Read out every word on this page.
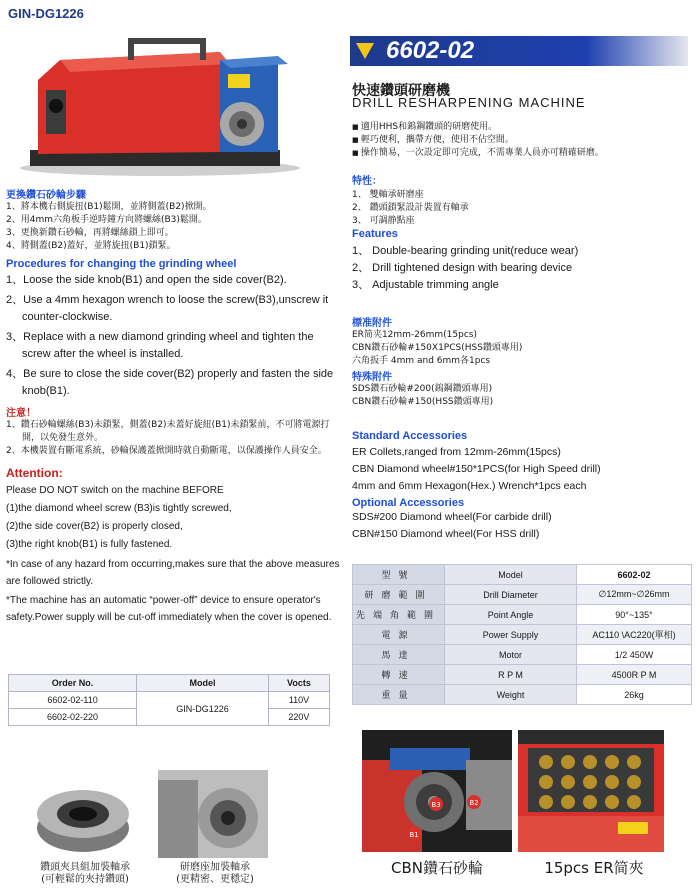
GIN-DG1226
6602-02
快速鑽頭研磨機
DRILL RESHARPENING MACHINE
■ 適用HHS和鎢鋼鑽頭的研磨使用。
■ 輕巧便利，攜帶方便，使用不佔空間。
■ 操作簡易，一次設定即可完成，不需專業人員亦可精確研磨。
特性：
1、 雙軸承研磨座
2、 鑽頭鎖緊設計裝置有軸承
3、 可調静點座
Features
1、 Double-bearing grinding unit(reduce wear)
2、 Drill tightened design with bearing device
3、 Adjustable trimming angle
標准附件
ER简夹12mm-26mm(15pcs)
CBN鑽石砂輪#150X1PCS(HSS鑽頭專用)
六角扳手 4mm and 6mm各1pcs
特殊附件
SDS鑽石砂輪#200(鎢鋼鑽頭專用)
CBN鑽石砂輪#150(HSS鑽頭專用)
Standard Accessories
ER Collets,ranged from 12mm-26mm(15pcs)
CBN Diamond wheel#150*1PCS(for High Speed drill)
4mm and 6mm Hexagon(Hex.) Wrench*1pcs each
Optional Accessories
SDS#200 Diamond wheel(For carbide drill)
CBN#150 Diamond wheel(For HSS drill)
型號	Model	6602-02
研磨範圍	Drill Diameter	∅12mm~∅26mm
先端角範圍	Point Angle	90°~135°
電源	Power Supply	AC110 \AC220(單相)
馬達	Motor	1/2 450W
轉速	R P M	4500R P M
重量	Weight	26kg
更換鑽石砂輪步驟
1、將本機右側旋扭(B1)鬆開，並將側蓋(B2)掀開。
2、用4mm六角板手逆時鐘方向將螺絲(B3)鬆開。
3、更換新鑽石砂輪，再將螺絲鎖上即可。
4、將側蓋(B2)蓋好，並將旋扭(B1)鎖緊。
Procedures for changing the grinding wheel
1、Loose the side knob(B1) and open the side cover(B2).
2、Use a 4mm hexagon wrench to loose the screw(B3),unscrew it counter-clockwise.
3、Replace with a new diamond grinding wheel and tighten the screw after the wheel is installed.
4、Be sure to close the side cover(B2) properly and fasten the side knob(B1).
注意！
1、鑽石砂輪螺絲(B3)未鎖緊，側蓋(B2)未蓋好旋紐(B1)未鎖緊前，不可將電源打開，以免發生意外。
2、本機裝置有斷電系統，砂輪保護蓋掀開時就自動斷電，以保護操作人員安全。
Attention:
Please DO NOT switch on the machine BEFORE
(1)the diamond wheel screw (B3)is tightly screwed,
(2)the side cover(B2) is properly closed,
(3)the right knob(B1) is fully fastened.
*In case of any hazard from occurring,makes sure that the above measures are followed strictly.
*The machine has an automatic “power-off” device to ensure operator's safety.Power supply will be cut-off immediately when the cover is opened.
Order No.	Model	Vocts
6602-02-110	GIN-DG1226	110V
6602-02-220		220V
鑽頭夾具組加裝軸承
(可輕鬆的夾持鑽頭)
研磨座加裝軸承
(更精密、更穩定)
B1
B3	B2
CBN鑽石砂輪	15pcs ER简夾
